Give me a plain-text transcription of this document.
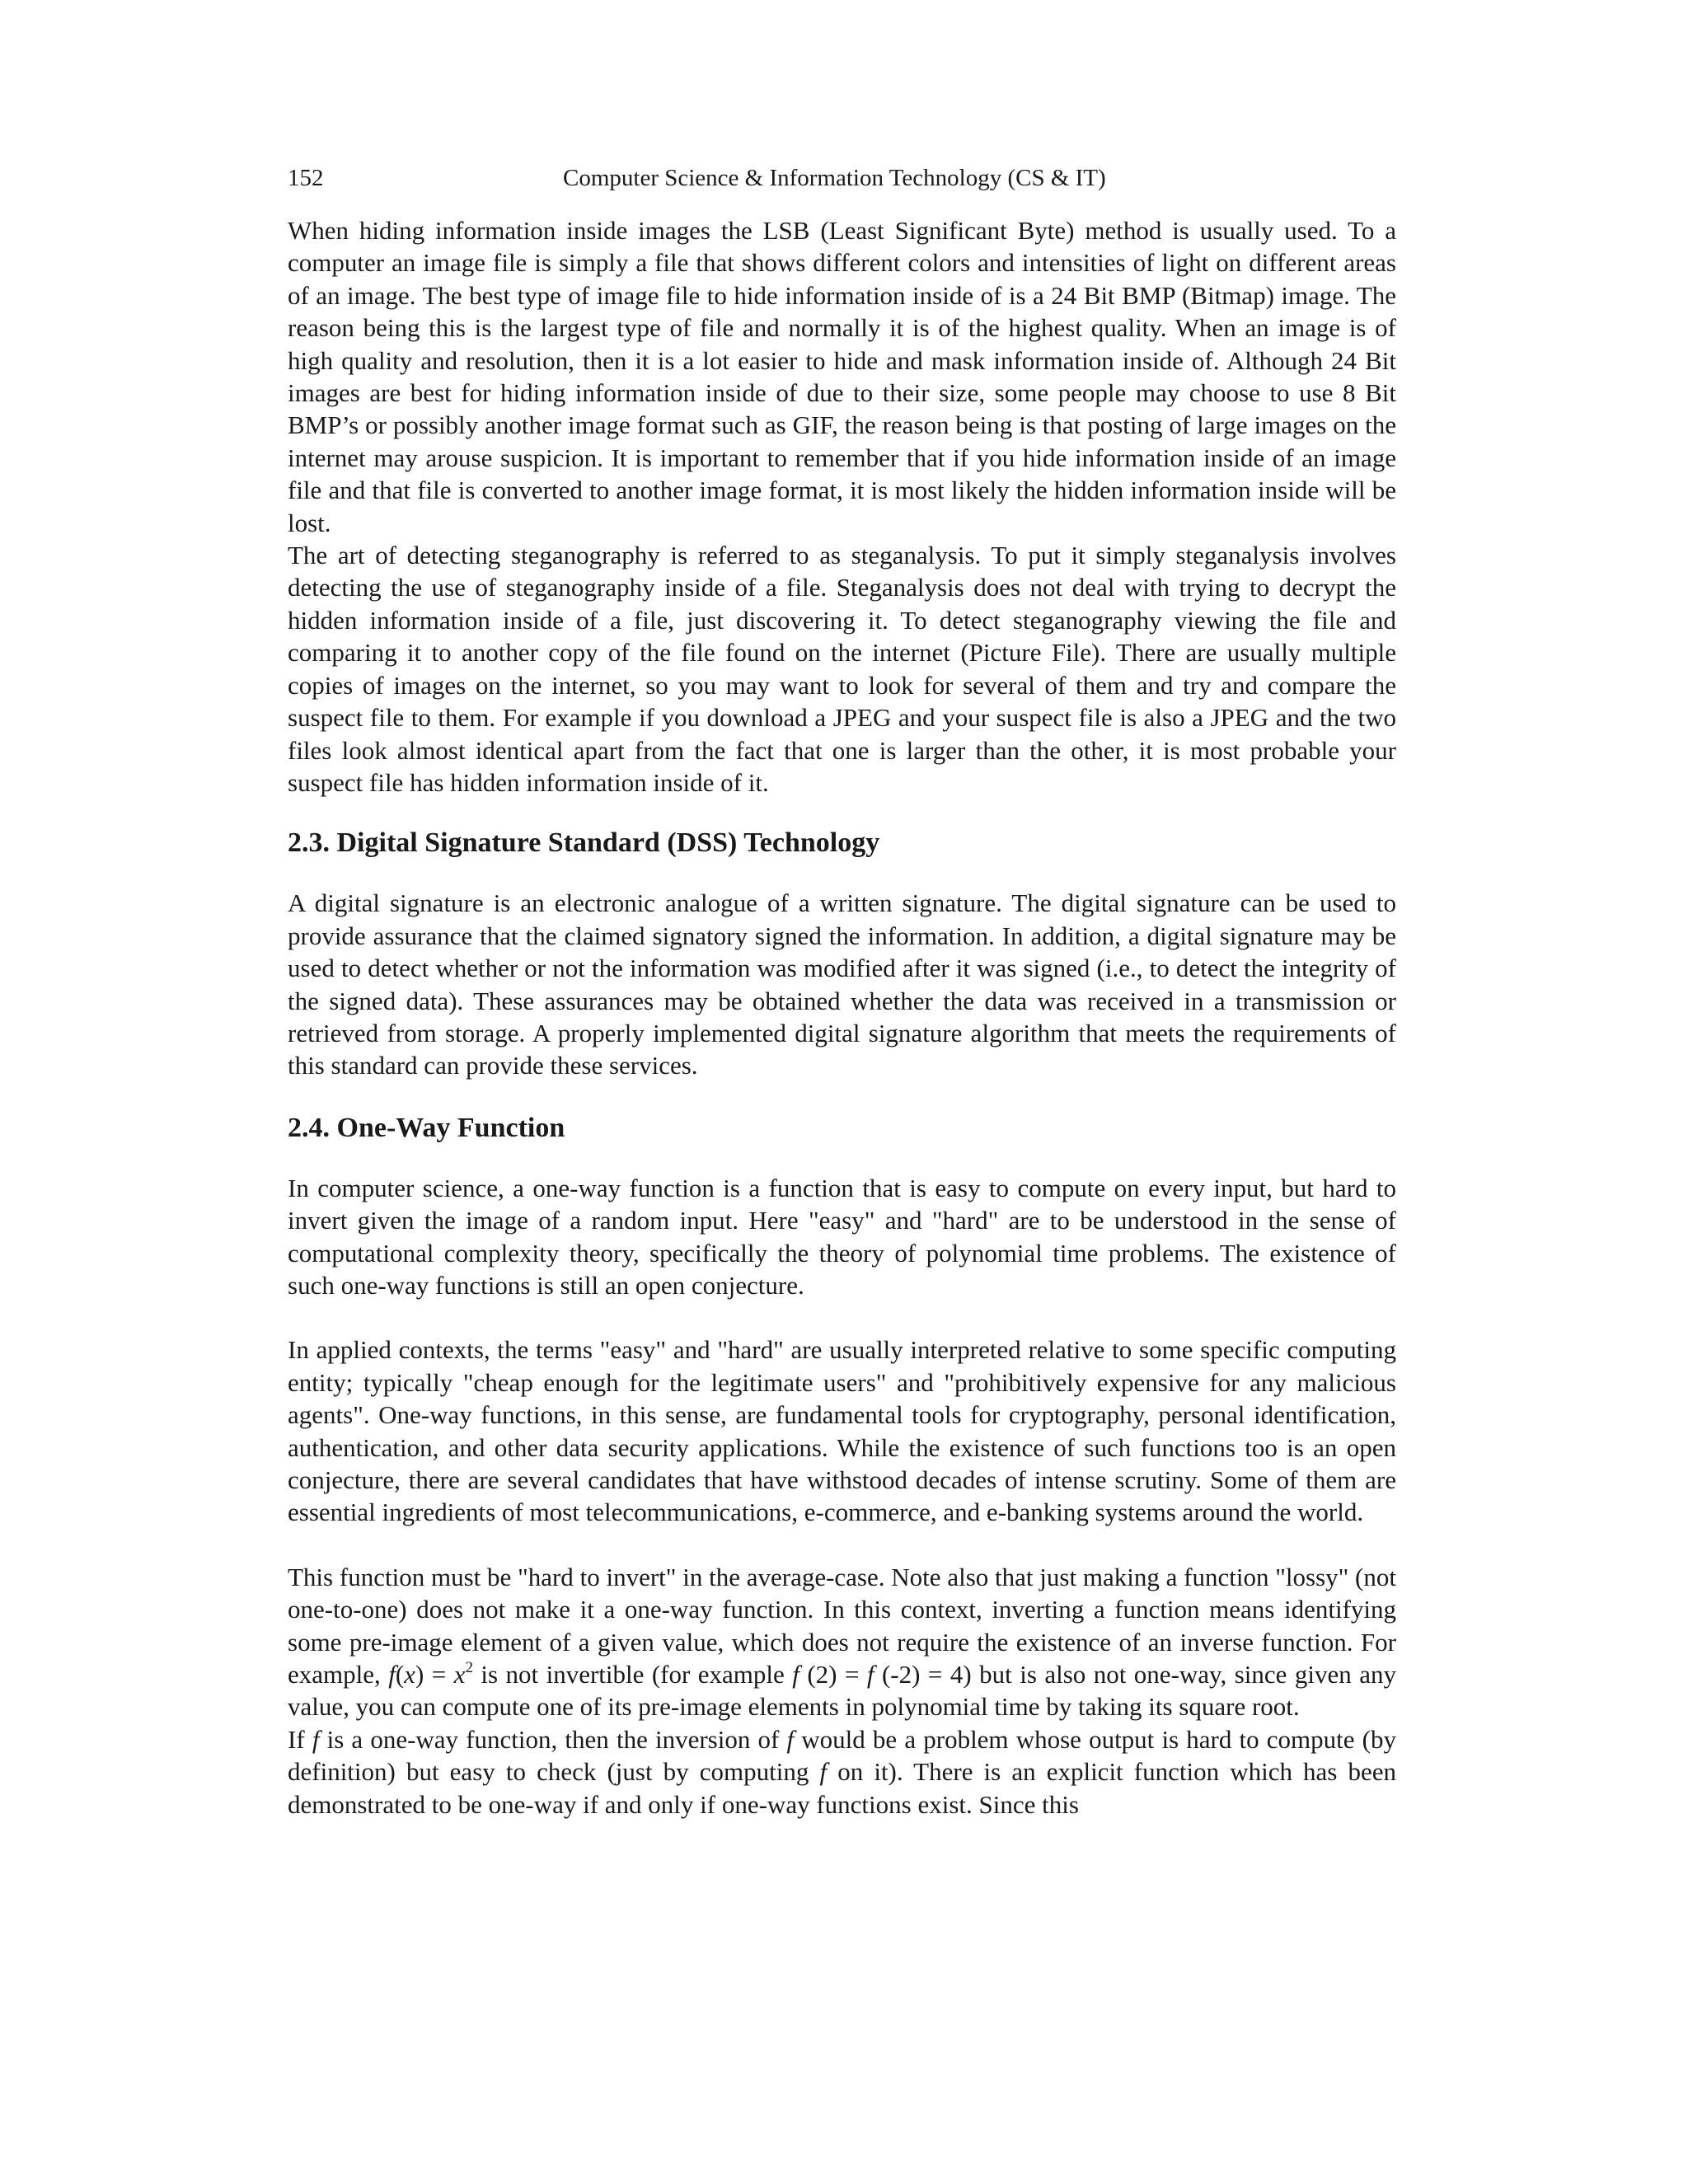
152	Computer Science & Information Technology (CS & IT)

When hiding information inside images the LSB (Least Significant Byte) method is usually used. To a computer an image file is simply a file that shows different colors and intensities of light on different areas of an image. The best type of image file to hide information inside of is a 24 Bit BMP (Bitmap) image. The reason being this is the largest type of file and normally it is of the highest quality. When an image is of high quality and resolution, then it is a lot easier to hide and mask information inside of. Although 24 Bit images are best for hiding information inside of due to their size, some people may choose to use 8 Bit BMP’s or possibly another image format such as GIF, the reason being is that posting of large images on the internet may arouse suspicion. It is important to remember that if you hide information inside of an image file and that file is converted to another image format, it is most likely the hidden information inside will be lost.

The art of detecting steganography is referred to as steganalysis. To put it simply steganalysis involves detecting the use of steganography inside of a file. Steganalysis does not deal with trying to decrypt the hidden information inside of a file, just discovering it. To detect steganography viewing the file and comparing it to another copy of the file found on the internet (Picture File). There are usually multiple copies of images on the internet, so you may want to look for several of them and try and compare the suspect file to them. For example if you download a JPEG and your suspect file is also a JPEG and the two files look almost identical apart from the fact that one is larger than the other, it is most probable your suspect file has hidden information inside of it.

2.3. Digital Signature Standard (DSS) Technology

A digital signature is an electronic analogue of a written signature. The digital signature can be used to provide assurance that the claimed signatory signed the information. In addition, a digital signature may be used to detect whether or not the information was modified after it was signed (i.e., to detect the integrity of the signed data). These assurances may be obtained whether the data was received in a transmission or retrieved from storage. A properly implemented digital signature algorithm that meets the requirements of this standard can provide these services.

2.4. One-Way Function

In computer science, a one-way function is a function that is easy to compute on every input, but hard to invert given the image of a random input. Here "easy" and "hard" are to be understood in the sense of computational complexity theory, specifically the theory of polynomial time problems. The existence of such one-way functions is still an open conjecture.

In applied contexts, the terms "easy" and "hard" are usually interpreted relative to some specific computing entity; typically "cheap enough for the legitimate users" and "prohibitively expensive for any malicious agents". One-way functions, in this sense, are fundamental tools for cryptography, personal identification, authentication, and other data security applications. While the existence of such functions too is an open conjecture, there are several candidates that have withstood decades of intense scrutiny. Some of them are essential ingredients of most telecommunications, e-commerce, and e-banking systems around the world.

This function must be "hard to invert" in the average-case. Note also that just making a function "lossy" (not one-to-one) does not make it a one-way function. In this context, inverting a function means identifying some pre-image element of a given value, which does not require the existence of an inverse function. For example, $f(x) = x^2$ is not invertible (for example f (2) = f (-2) = 4) but is also not one-way, since given any value, you can compute one of its pre-image elements in polynomial time by taking its square root.

If f is a one-way function, then the inversion of f would be a problem whose output is hard to compute (by definition) but easy to check (just by computing f on it). There is an explicit function which has been demonstrated to be one-way if and only if one-way functions exist. Since this
